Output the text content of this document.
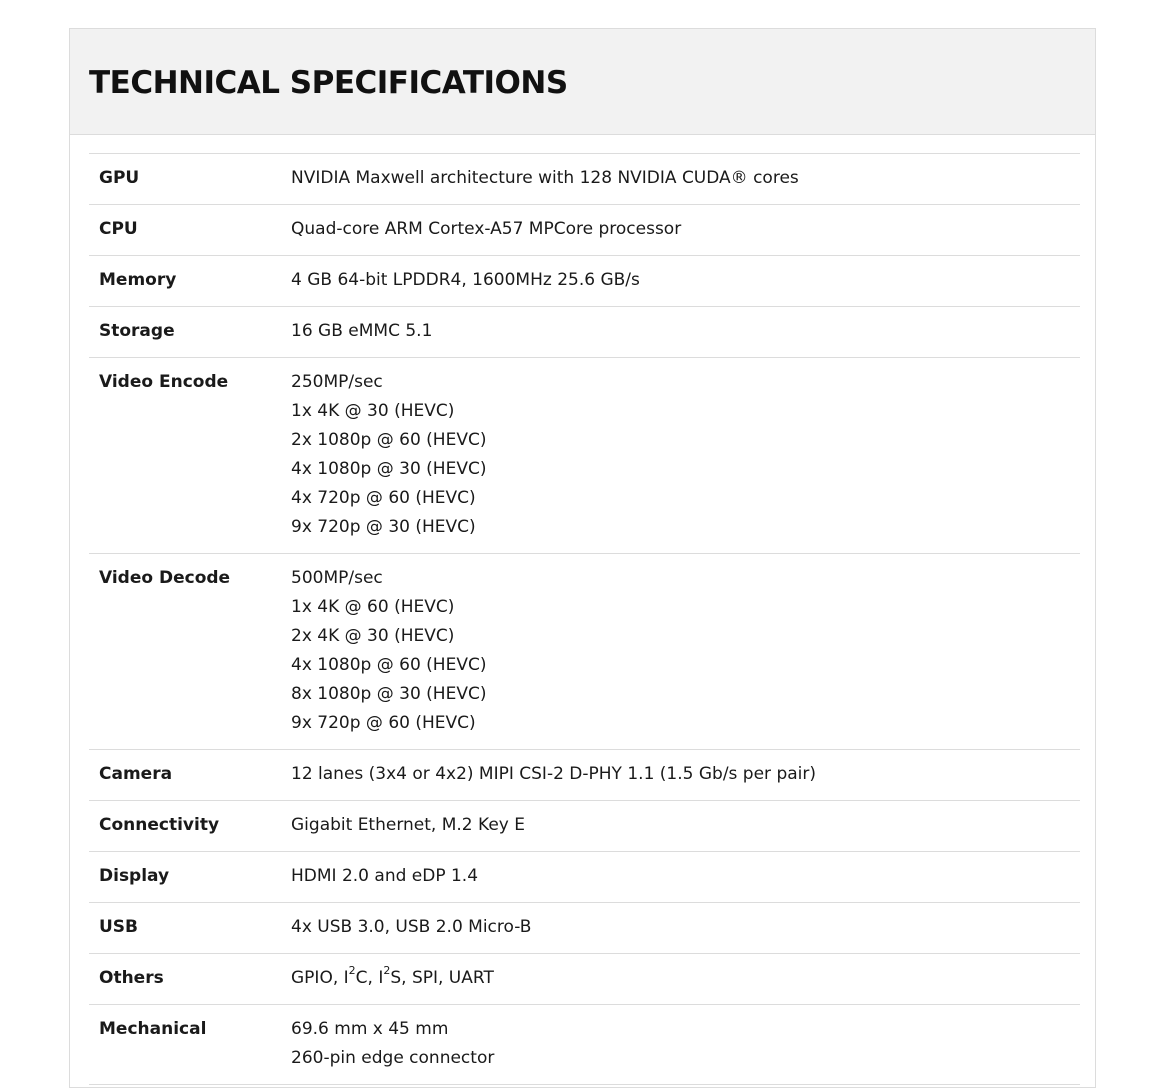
TECHNICAL SPECIFICATIONS
GPU	NVIDIA Maxwell architecture with 128 NVIDIA CUDA® cores
CPU	Quad-core ARM Cortex-A57 MPCore processor
Memory	4 GB 64-bit LPDDR4, 1600MHz 25.6 GB/s
Storage	16 GB eMMC 5.1
Video Encode	250MP/sec
1x 4K @ 30 (HEVC)
2x 1080p @ 60 (HEVC)
4x 1080p @ 30 (HEVC)
4x 720p @ 60 (HEVC)
9x 720p @ 30 (HEVC)
Video Decode	500MP/sec
1x 4K @ 60 (HEVC)
2x 4K @ 30 (HEVC)
4x 1080p @ 60 (HEVC)
8x 1080p @ 30 (HEVC)
9x 720p @ 60 (HEVC)
Camera	12 lanes (3x4 or 4x2) MIPI CSI-2 D-PHY 1.1 (1.5 Gb/s per pair)
Connectivity	Gigabit Ethernet, M.2 Key E
Display	HDMI 2.0 and eDP 1.4
USB	4x USB 3.0, USB 2.0 Micro-B
Others	GPIO, $I^2C$, $I^2S$, SPI, UART
Mechanical	69.6 mm x 45 mm
260-pin edge connector
